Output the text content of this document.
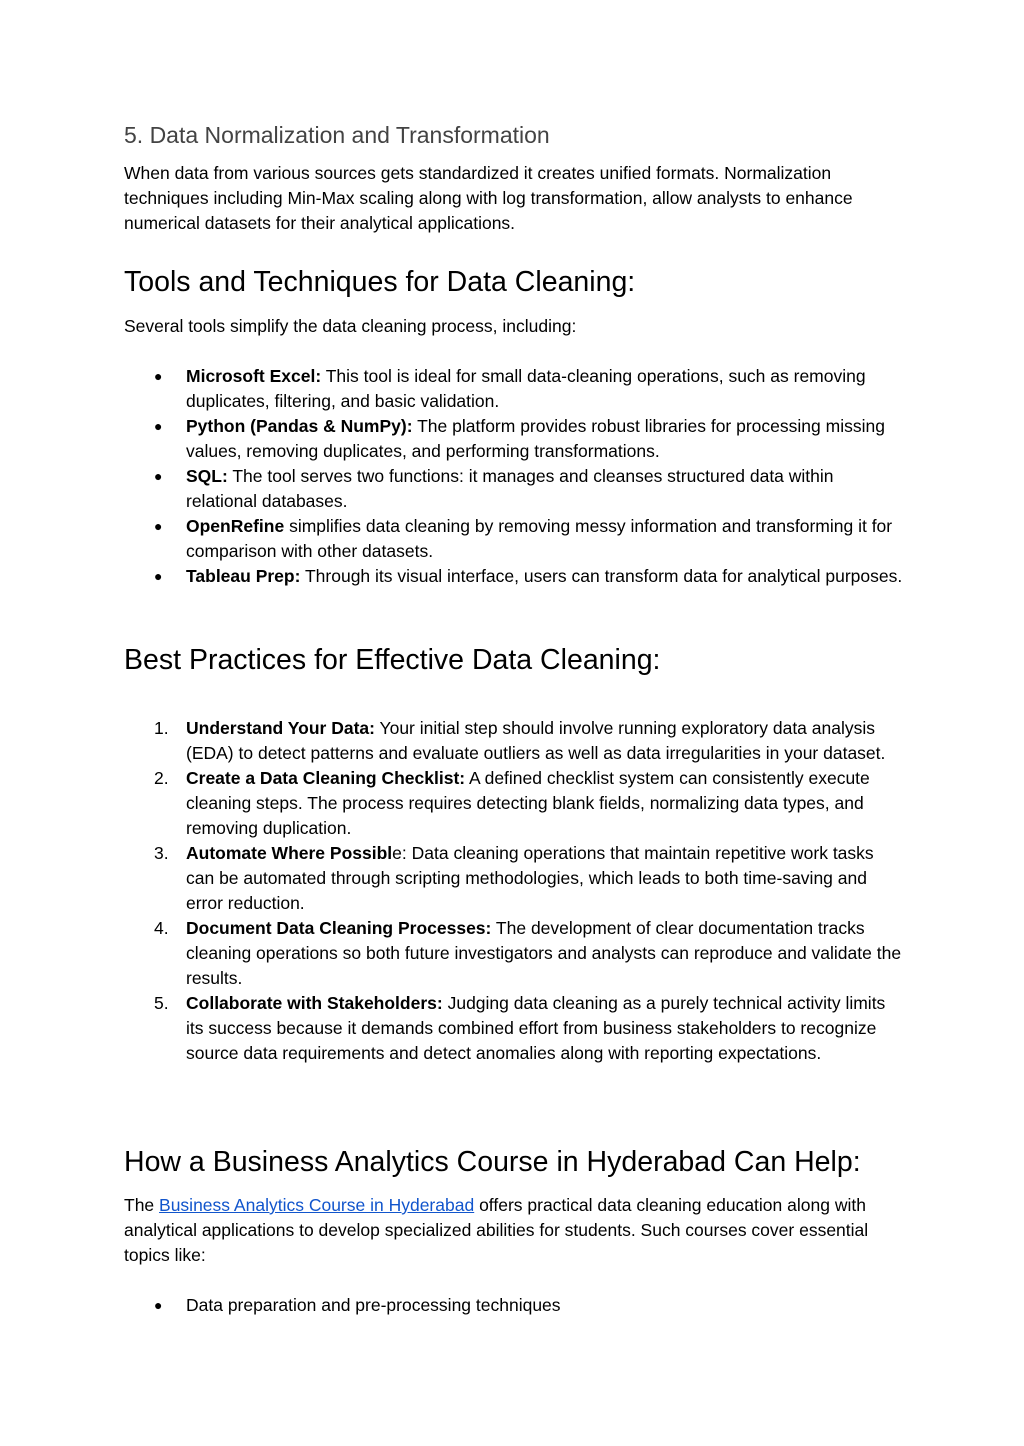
5. Data Normalization and Transformation

When data from various sources gets standardized it creates unified formats. Normalization techniques including Min-Max scaling along with log transformation, allow analysts to enhance numerical datasets for their analytical applications.

Tools and Techniques for Data Cleaning:

Several tools simplify the data cleaning process, including:

●	Microsoft Excel: This tool is ideal for small data-cleaning operations, such as removing duplicates, filtering, and basic validation.
●	Python (Pandas & NumPy): The platform provides robust libraries for processing missing values, removing duplicates, and performing transformations.
●	SQL: The tool serves two functions: it manages and cleanses structured data within relational databases.
●	OpenRefine simplifies data cleaning by removing messy information and transforming it for comparison with other datasets.
●	Tableau Prep: Through its visual interface, users can transform data for analytical purposes.
Best Practices for Effective Data Cleaning:
1. Understand Your Data: Your initial step should involve running exploratory data analysis (EDA) to detect patterns and evaluate outliers as well as data irregularities in your dataset.
2. Create a Data Cleaning Checklist: A defined checklist system can consistently execute cleaning steps. The process requires detecting blank fields, normalizing data types, and removing duplication.
3. Automate Where Possible: Data cleaning operations that maintain repetitive work tasks can be automated through scripting methodologies, which leads to both time-saving and error reduction.
4. Document Data Cleaning Processes: The development of clear documentation tracks cleaning operations so both future investigators and analysts can reproduce and validate the results.
5. Collaborate with Stakeholders: Judging data cleaning as a purely technical activity limits its success because it demands combined effort from business stakeholders to recognize source data requirements and detect anomalies along with reporting expectations.
How a Business Analytics Course in Hyderabad Can Help:

The Business Analytics Course in Hyderabad offers practical data cleaning education along with analytical applications to develop specialized abilities for students. Such courses cover essential topics like:

●	Data preparation and pre-processing techniques
